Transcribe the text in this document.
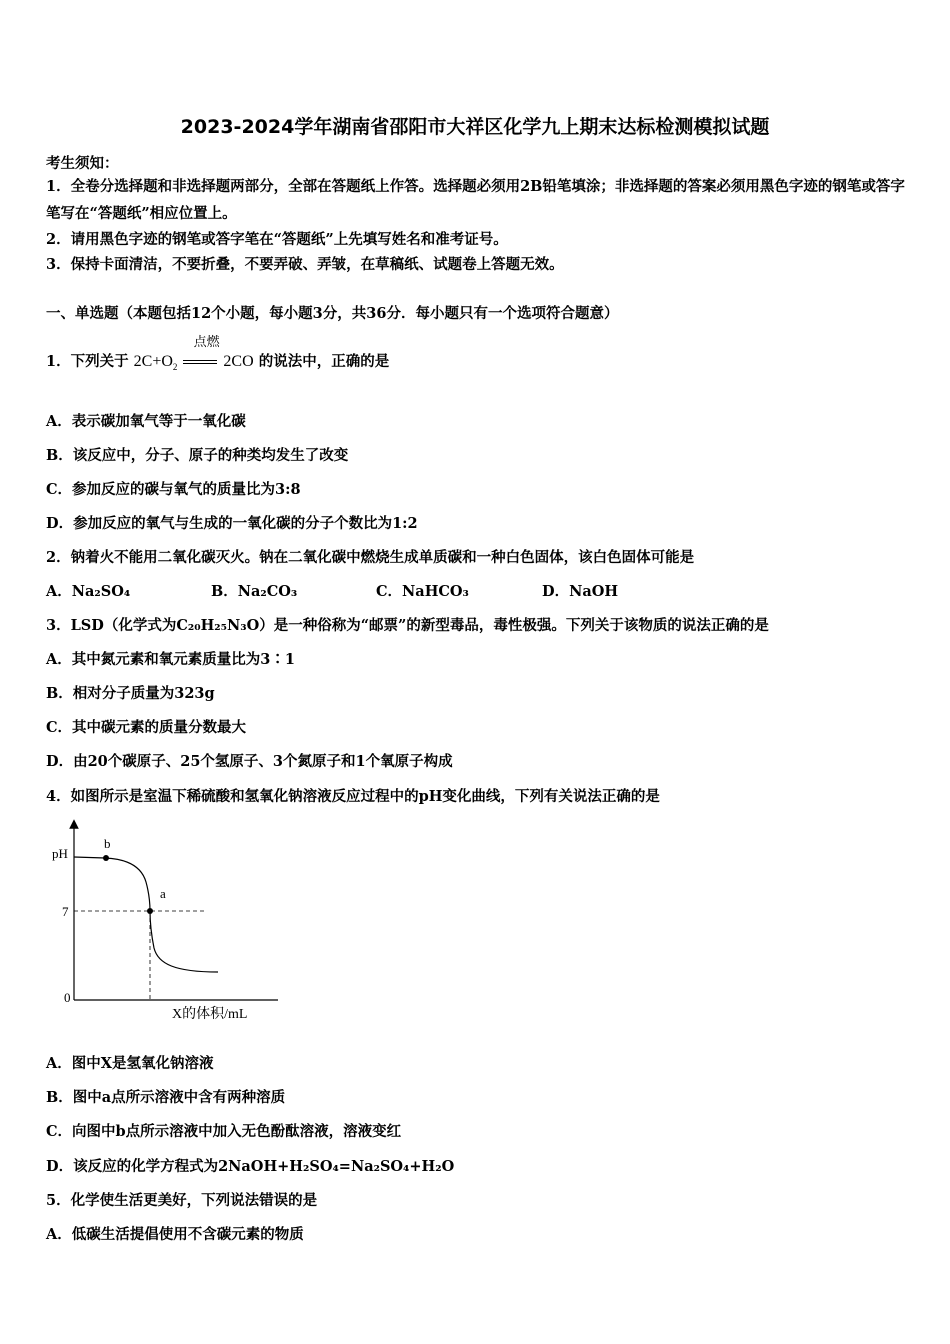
2023-2024学年湖南省邵阳市大祥区化学九上期末达标检测模拟试题
考生须知：
1．全卷分选择题和非选择题两部分，全部在答题纸上作答。选择题必须用2B铅笔填涂；非选择题的答案必须用黑色字迹的钢笔或答字笔写在“答题纸”相应位置上。
2．请用黑色字迹的钢笔或答字笔在“答题纸”上先填写姓名和准考证号。
3．保持卡面清洁，不要折叠，不要弄破、弄皱，在草稿纸、试题卷上答题无效。
一、单选题（本题包括12个小题，每小题3分，共36分．每小题只有一个选项符合题意）
1．下列关于 $2C+O_2$
点燃
2CO 的说法中，正确的是
A．表示碳加氧气等于一氧化碳
B．该反应中，分子、原子的种类均发生了改变
C．参加反应的碳与氧气的质量比为3:8
D．参加反应的氧气与生成的一氧化碳的分子个数比为1:2
2．钠着火不能用二氧化碳灭火。钠在二氧化碳中燃烧生成单质碳和一种白色固体，该白色固体可能是
A．Na₂SO₄	B．Na₂CO₃	C．NaHCO₃	D．NaOH
3．LSD（化学式为C₂₀H₂₅N₃O）是一种俗称为“邮票”的新型毒品，毒性极强。下列关于该物质的说法正确的是
A．其中氮元素和氧元素质量比为3∶1
B．相对分子质量为323g
C．其中碳元素的质量分数最大
D．由20个碳原子、25个氢原子、3个氮原子和1个氧原子构成
4．如图所示是室温下稀硫酸和氢氧化钠溶液反应过程中的pH变化曲线，下列有关说法正确的是
pH
7
0
b
a
X的体积/mL
A．图中X是氢氧化钠溶液
B．图中a点所示溶液中含有两种溶质
C．向图中b点所示溶液中加入无色酚酞溶液，溶液变红
D．该反应的化学方程式为2NaOH+H₂SO₄=Na₂SO₄+H₂O
5．化学使生活更美好，下列说法错误的是
A．低碳生活提倡使用不含碳元素的物质
